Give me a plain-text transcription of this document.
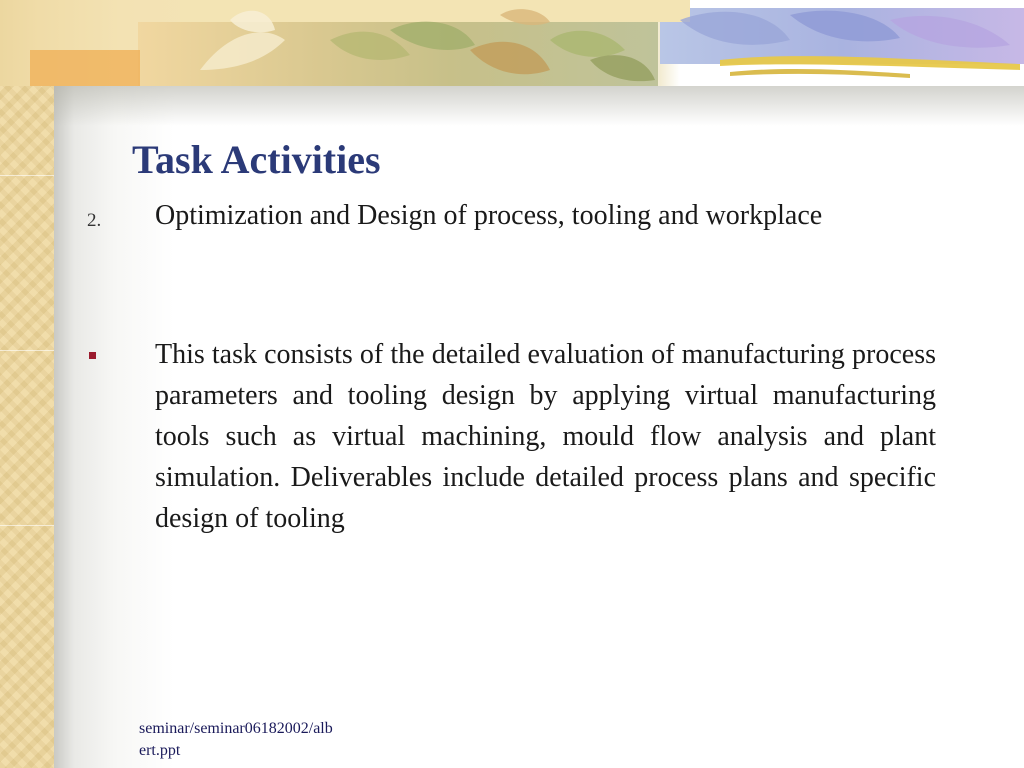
Task Activities
2. Optimization and Design of process, tooling and workplace

This task consists of the detailed evaluation of manufacturing process parameters and tooling design by applying virtual manufacturing tools such as virtual machining, mould flow analysis and plant simulation. Deliverables include detailed process plans and specific design of tooling

seminar/seminar06182002/albert.ppt
